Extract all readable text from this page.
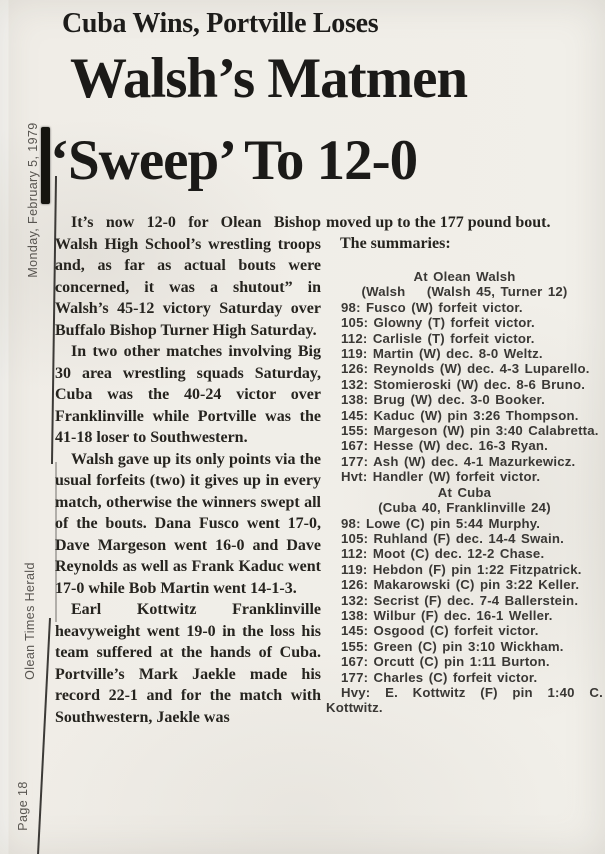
Monday, February 5, 1979
Olean Times Herald
Page 18
Cuba Wins, Portville Loses
Walsh’s Matmen
‘Sweep’ To 12-0

It’s now 12-0 for Olean Bishop Walsh High School’s wrestling troops and, as far as actual bouts were concerned, it was a shutout” in Walsh’s 45-12 victory Saturday over Buffalo Bishop Turner High Saturday.

In two other matches involving Big 30 area wrestling squads Saturday, Cuba was the 40-24 victor over Franklinville while Portville was the 41-18 loser to Southwestern.

Walsh gave up its only points via the usual forfeits (two) it gives up in every match, otherwise the winners swept all of the bouts. Dana Fusco went 17-0, Dave Margeson went 16-0 and Dave Reynolds as well as Frank Kaduc went 17-0 while Bob Martin went 14-1-3.

Earl Kottwitz Franklinville heavyweight went 19-0 in the loss his team suffered at the hands of Cuba. Portville’s Mark Jaekle made his record 22-1 and for the match with Southwestern, Jaekle was

moved up to the 177 pound bout.

The summaries:

At Olean Walsh

(Walsh    (Walsh 45, Turner 12)

98: Fusco (W) forfeit victor.

105: Glowny (T) forfeit victor.

112: Carlisle (T) forfeit victor.

119: Martin (W) dec. 8-0 Weltz.

126: Reynolds (W) dec. 4-3 Luparello.

132: Stomieroski (W) dec. 8-6 Bruno.

138: Brug (W) dec. 3-0 Booker.

145: Kaduc (W) pin 3:26 Thompson.

155: Margeson (W) pin 3:40 Calabretta.

167: Hesse (W) dec. 16-3 Ryan.

177: Ash (W) dec. 4-1 Mazurkewicz.

Hvt: Handler (W) forfeit victor.

At Cuba

(Cuba 40, Franklinville 24)

98: Lowe (C) pin 5:44 Murphy.

105: Ruhland (F) dec. 14-4 Swain.

112: Moot (C) dec. 12-2 Chase.

119: Hebdon (F) pin 1:22 Fitzpatrick.

126: Makarowski (C) pin 3:22 Keller.

132: Secrist (F) dec. 7-4 Ballerstein.

138: Wilbur (F) dec. 16-1 Weller.

145: Osgood (C) forfeit victor.

155: Green (C) pin 3:10 Wickham.

167: Orcutt (C) pin 1:11 Burton.

177: Charles (C) forfeit victor.

Hvy: E. Kottwitz (F) pin 1:40 C. Kottwitz.
